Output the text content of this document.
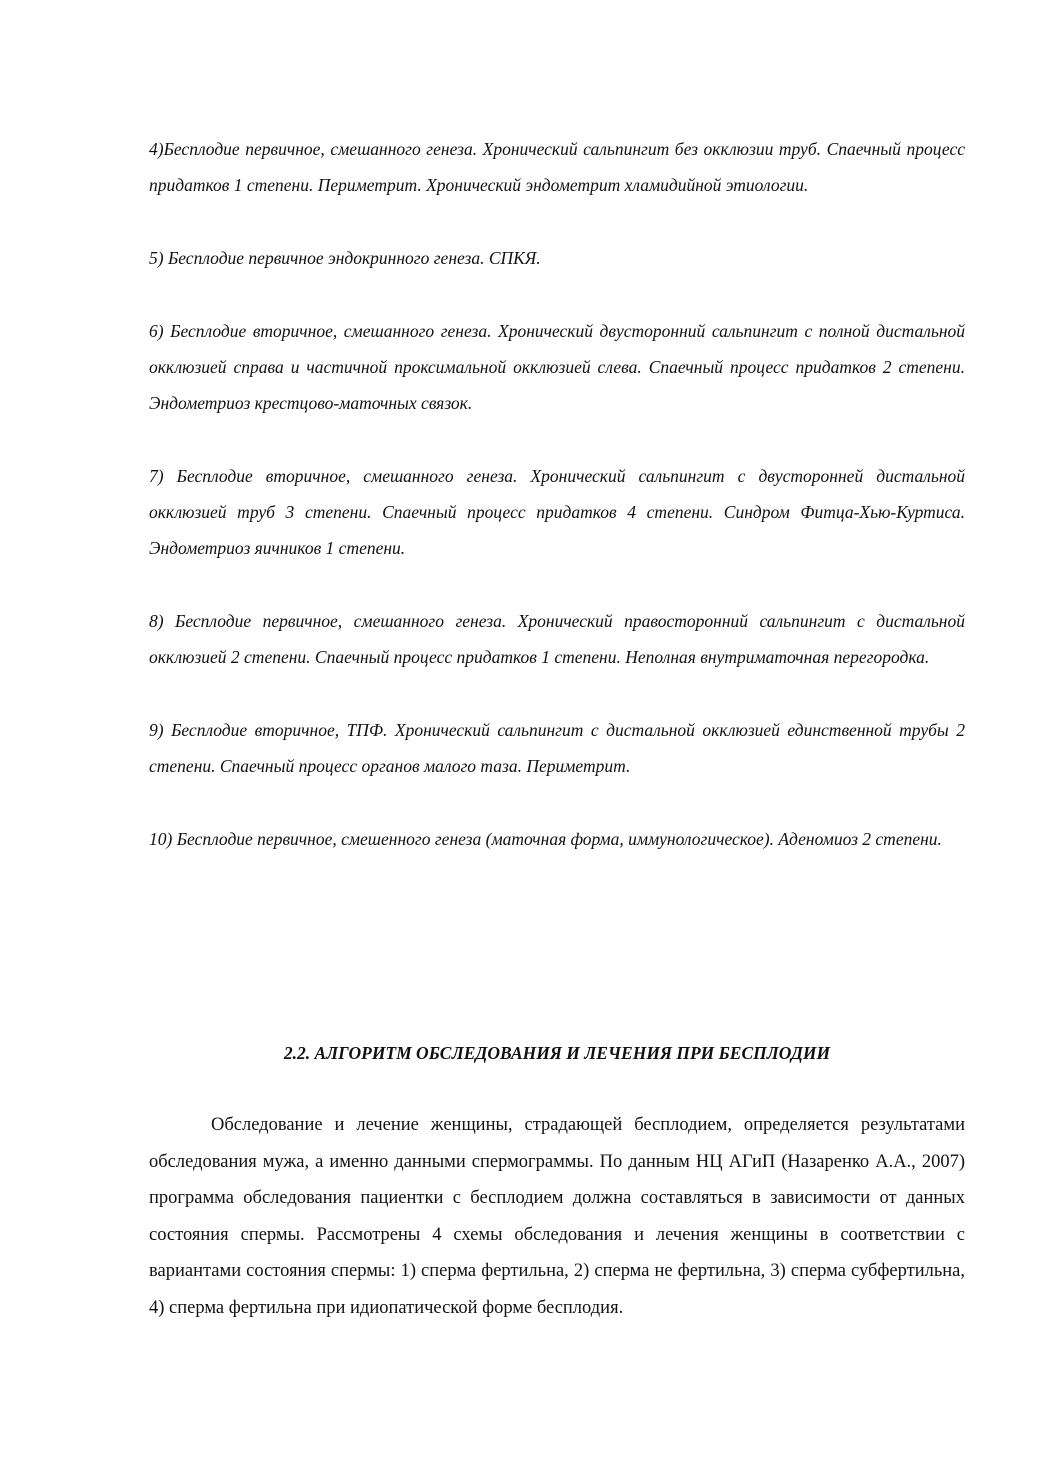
4)Бесплодие первичное, смешанного генеза. Хронический сальпингит без окклюзии труб. Спаечный процесс придатков 1 степени. Периметрит. Хронический эндометрит хламидийной этиологии.

5) Бесплодие первичное эндокринного генеза. СПКЯ.

6) Бесплодие вторичное, смешанного генеза. Хронический двусторонний сальпингит с полной дистальной окклюзией справа и частичной проксимальной окклюзией слева. Спаечный процесс придатков 2 степени. Эндометриоз крестцово-маточных связок.

7) Бесплодие вторичное, смешанного генеза. Хронический сальпингит с двусторонней дистальной окклюзией труб 3 степени. Спаечный процесс придатков 4 степени. Синдром Фитца-Хью-Куртиса. Эндометриоз яичников 1 степени.

8) Бесплодие первичное, смешанного генеза. Хронический правосторонний сальпингит с дистальной окклюзией 2 степени. Спаечный процесс придатков 1 степени. Неполная внутриматочная перегородка.

9) Бесплодие вторичное, ТПФ. Хронический сальпингит с дистальной окклюзией единственной трубы 2 степени. Спаечный процесс органов малого таза. Периметрит.

10) Бесплодие первичное, смешенного генеза (маточная форма, иммунологическое). Аденомиоз 2 степени.

2.2. АЛГОРИТМ ОБСЛЕДОВАНИЯ И ЛЕЧЕНИЯ ПРИ БЕСПЛОДИИ

Обследование и лечение женщины, страдающей бесплодием, определяется результатами обследования мужа, а именно данными спермограммы. По данным НЦ АГиП (Назаренко А.А., 2007) программа обследования пациентки с бесплодием должна составляться в зависимости от данных состояния спермы. Рассмотрены 4 схемы обследования и лечения женщины в соответствии с вариантами состояния спермы: 1) сперма фертильна, 2) сперма не фертильна, 3) сперма субфертильна, 4) сперма фертильна при идиопатической форме бесплодия.
